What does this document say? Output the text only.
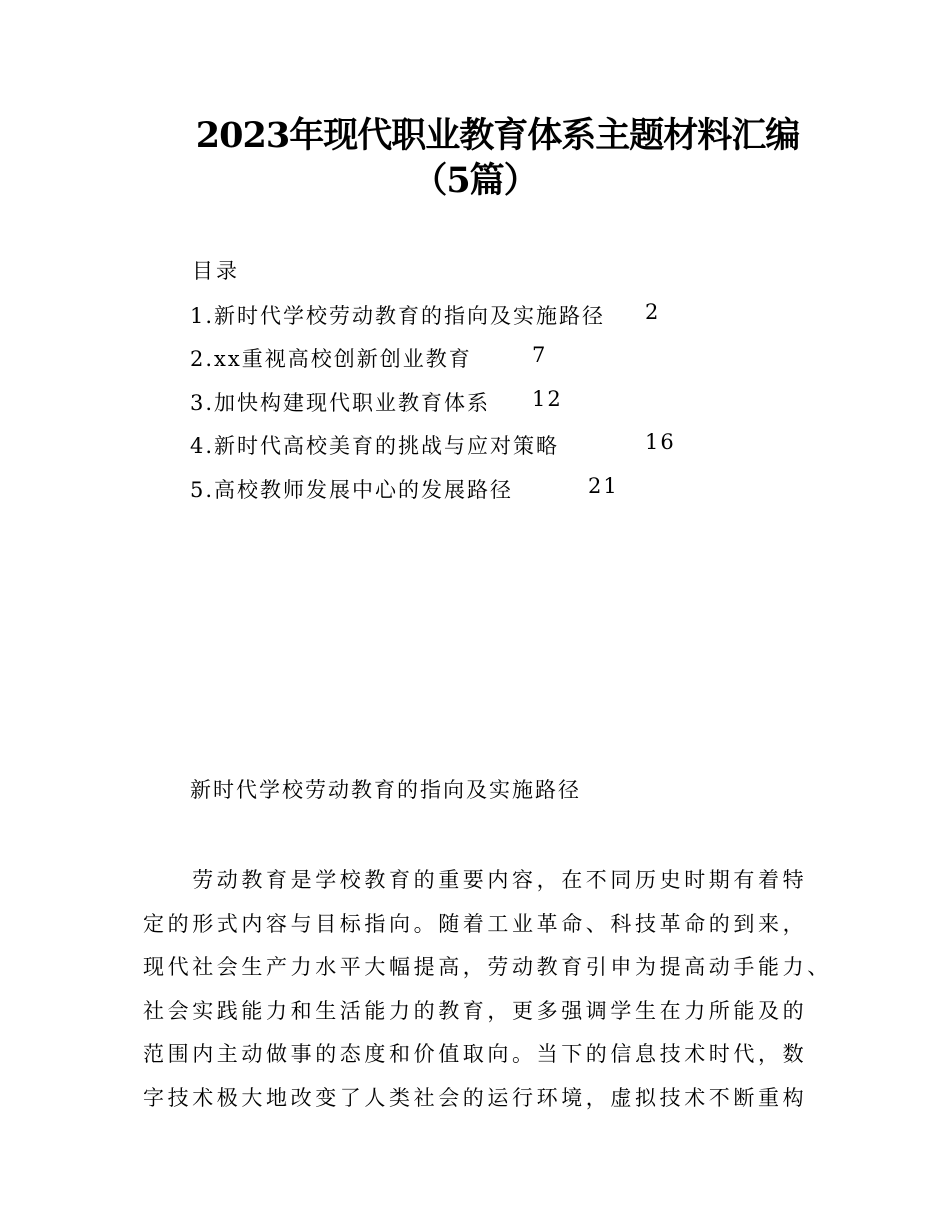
2023年现代职业教育体系主题材料汇编
（5篇）
目录
1.新时代学校劳动教育的指向及实施路径 2
2.xx重视高校创新创业教育	7
3.加快构建现代职业教育体系 12
4.新时代高校美育的挑战与应对策略	16
5.高校教师发展中心的发展路径	21
新时代学校劳动教育的指向及实施路径
　　劳动教育是学校教育的重要内容，在不同历史时期有着特
定的形式内容与目标指向。随着工业革命、科技革命的到来，
现代社会生产力水平大幅提高，劳动教育引申为提高动手能力、
社会实践能力和生活能力的教育，更多强调学生在力所能及的
范围内主动做事的态度和价值取向。当下的信息技术时代，数
字技术极大地改变了人类社会的运行环境，虚拟技术不断重构
